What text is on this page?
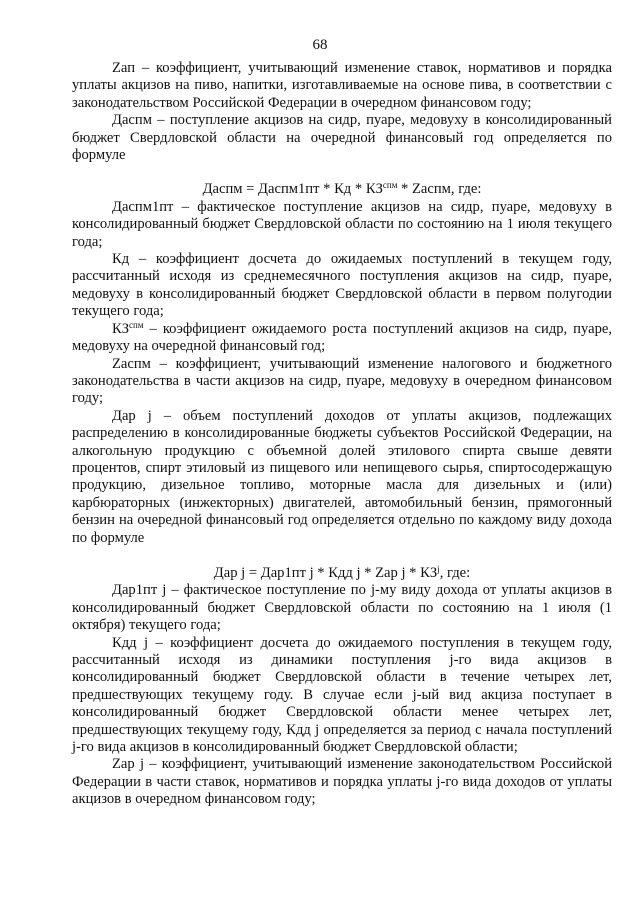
68

Zап – коэффициент, учитывающий изменение ставок, нормативов и порядка уплаты акцизов на пиво, напитки, изготавливаемые на основе пива, в соответствии с законодательством Российской Федерации в очередном финансовом году;

Даспм – поступление акцизов на сидр, пуаре, медовуху в консолидированный бюджет Свердловской области на очередной финансовый год определяется по формуле

Даспм = Даспм1пт * Кд * $КЗ^{спм}$ * Zаспм, где:

Даспм1пт – фактическое поступление акцизов на сидр, пуаре, медовуху в консолидированный бюджет Свердловской области по состоянию на 1 июля текущего года;

Кд – коэффициент досчета до ожидаемых поступлений в текущем году, рассчитанный исходя из среднемесячного поступления акцизов на сидр, пуаре, медовуху в консолидированный бюджет Свердловской области в первом полугодии текущего года;

$КЗ^{спм}$ – коэффициент ожидаемого роста поступлений акцизов на сидр, пуаре, медовуху на очередной финансовый год;

Zаспм – коэффициент, учитывающий изменение налогового и бюджетного законодательства в части акцизов на сидр, пуаре, медовуху в очередном финансовом году;

Дар j – объем поступлений доходов от уплаты акцизов, подлежащих распределению в консолидированные бюджеты субъектов Российской Федерации, на алкогольную продукцию с объемной долей этилового спирта свыше девяти процентов, спирт этиловый из пищевого или непищевого сырья, спиртосодержащую продукцию, дизельное топливо, моторные масла для дизельных и (или) карбюраторных (инжекторных) двигателей, автомобильный бензин, прямогонный бензин на очередной финансовый год определяется отдельно по каждому виду дохода по формуле

Дар j = Дар1пт j * Кдд j * Zар j * $КЗ^j$, где:

Дар1пт j – фактическое поступление по j-му виду дохода от уплаты акцизов в консолидированный бюджет Свердловской области по состоянию на 1 июля (1 октября) текущего года;

Кдд j – коэффициент досчета до ожидаемого поступления в текущем году, рассчитанный исходя из динамики поступления j-го вида акцизов в консолидированный бюджет Свердловской области в течение четырех лет, предшествующих текущему году. В случае если j-ый вид акциза поступает в консолидированный бюджет Свердловской области менее четырех лет, предшествующих текущему году, Кдд j определяется за период с начала поступлений j-го вида акцизов в консолидированный бюджет Свердловской области;

Zар j – коэффициент, учитывающий изменение законодательством Российской Федерации в части ставок, нормативов и порядка уплаты j-го вида доходов от уплаты акцизов в очередном финансовом году;
